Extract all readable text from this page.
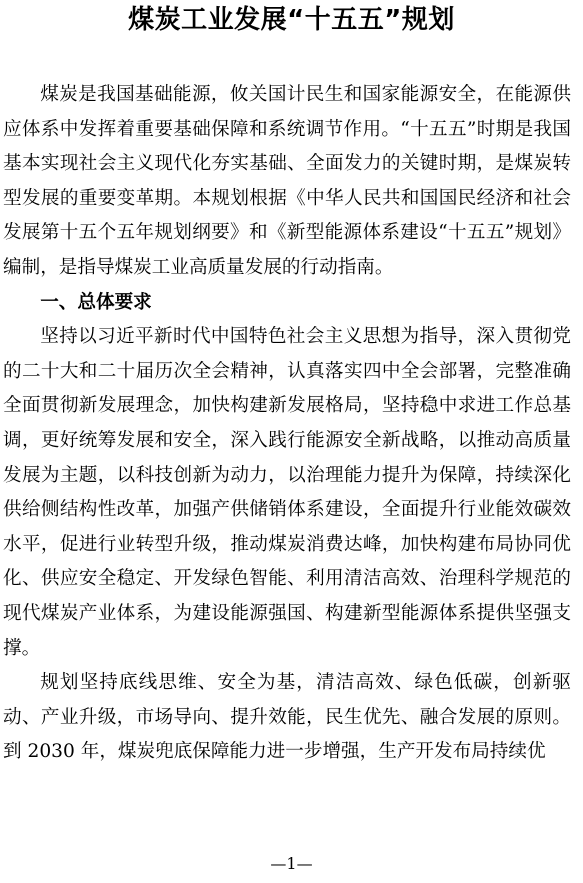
煤炭工业发展“十五五”规划

煤炭是我国基础能源，攸关国计民生和国家能源安全，在能源供应体系中发挥着重要基础保障和系统调节作用。“十五五”时期是我国基本实现社会主义现代化夯实基础、全面发力的关键时期，是煤炭转型发展的重要变革期。本规划根据《中华人民共和国国民经济和社会发展第十五个五年规划纲要》和《新型能源体系建设“十五五”规划》编制，是指导煤炭工业高质量发展的行动指南。

一、总体要求

坚持以习近平新时代中国特色社会主义思想为指导，深入贯彻党的二十大和二十届历次全会精神，认真落实四中全会部署，完整准确全面贯彻新发展理念，加快构建新发展格局，坚持稳中求进工作总基调，更好统筹发展和安全，深入践行能源安全新战略，以推动高质量发展为主题，以科技创新为动力，以治理能力提升为保障，持续深化供给侧结构性改革，加强产供储销体系建设，全面提升行业能效碳效水平，促进行业转型升级，推动煤炭消费达峰，加快构建布局协同优化、供应安全稳定、开发绿色智能、利用清洁高效、治理科学规范的现代煤炭产业体系，为建设能源强国、构建新型能源体系提供坚强支撑。

规划坚持底线思维、安全为基，清洁高效、绿色低碳，创新驱动、产业升级，市场导向、提升效能，民生优先、融合发展的原则。到 2030 年，煤炭兜底保障能力进一步增强，生产开发布局持续优

—1—
